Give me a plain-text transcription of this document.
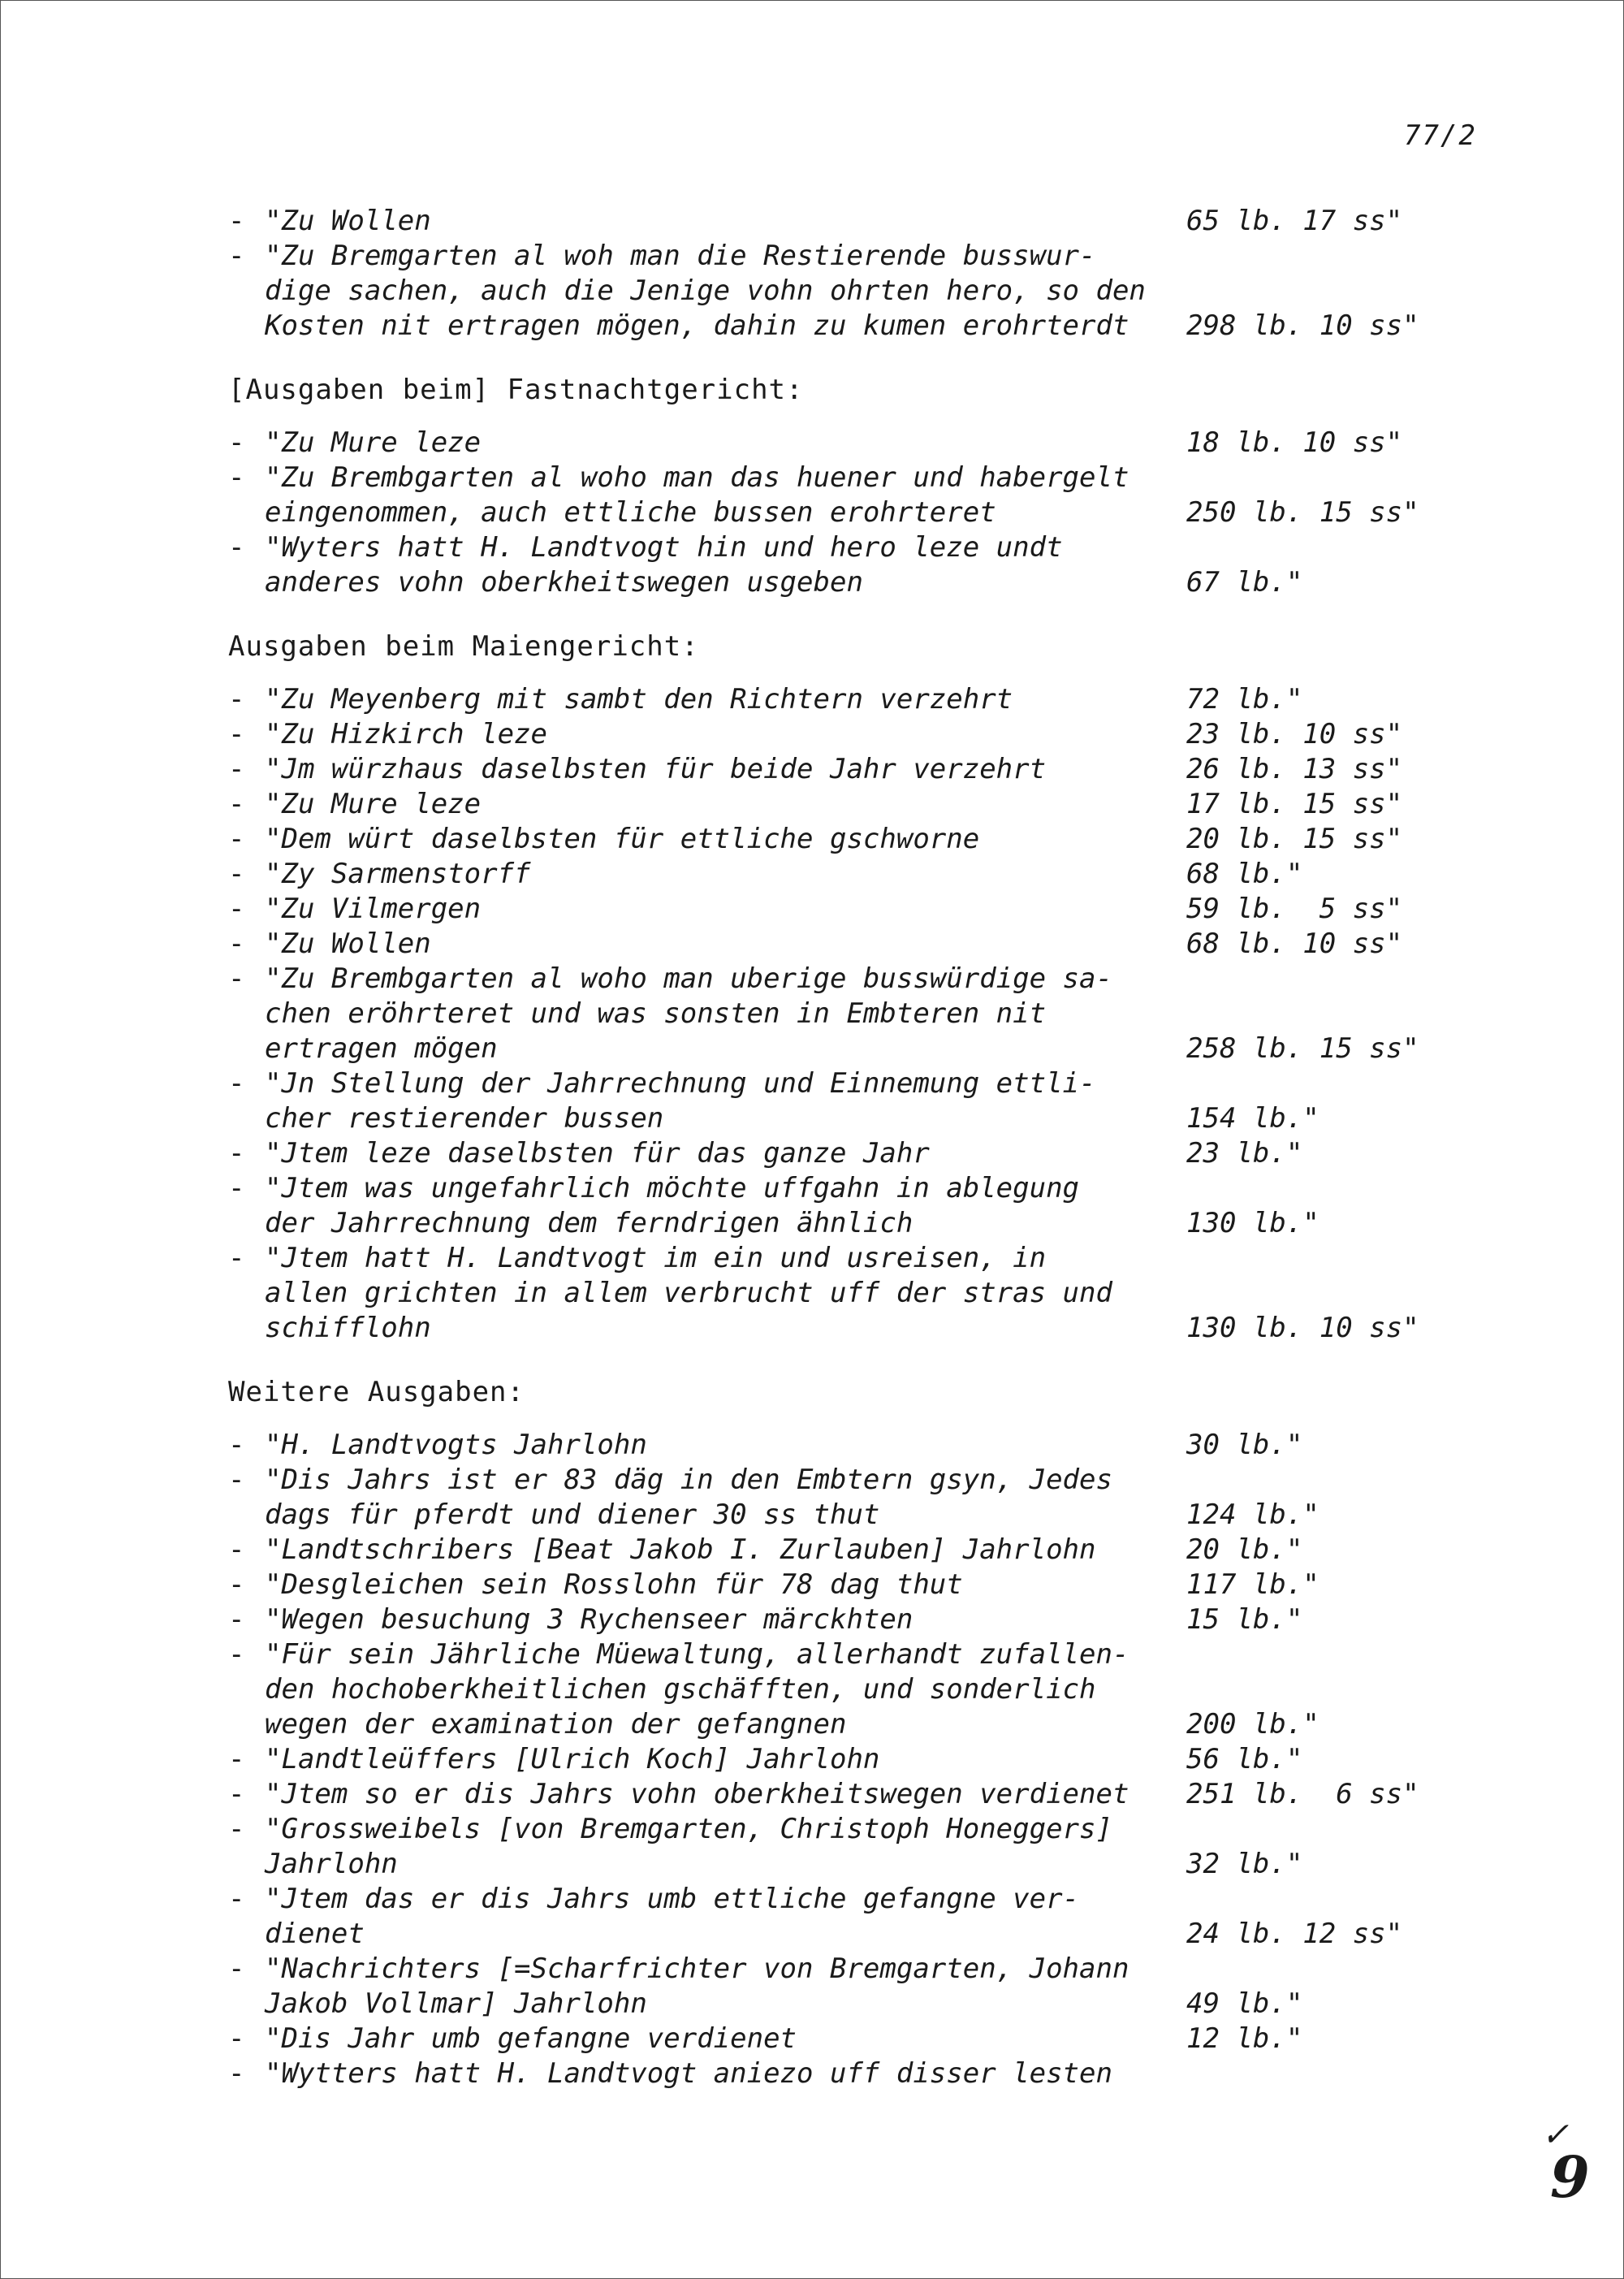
77/2
- "Zu Wollen	65 lb. 17 ss"
- "Zu Bremgarten al woh man die Restierende busswur-
dige sachen, auch die Jenige vohn ohrten hero, so den
Kosten nit ertragen mögen, dahin zu kumen erohrterdt 298 lb. 10 ss"
[Ausgaben beim] Fastnachtgericht:
- "Zu Mure leze	18 lb. 10 ss"
- "Zu Brembgarten al woho man das huener und habergelt
eingenommen, auch ettliche bussen erohrteret	250 lb. 15 ss"
- "Wyters hatt H. Landtvogt hin und hero leze undt
anderes vohn oberkheitswegen usgeben	67 lb."
Ausgaben beim Maiengericht:
- "Zu Meyenberg mit sambt den Richtern verzehrt	72 lb."
- "Zu Hizkirch leze	23 lb. 10 ss"
- "Jm würzhaus daselbsten für beide Jahr verzehrt	26 lb. 13 ss"
- "Zu Mure leze	17 lb. 15 ss"
- "Dem würt daselbsten für ettliche gschworne	20 lb. 15 ss"
- "Zy Sarmenstorff	68 lb."
- "Zu Vilmergen	59 lb.  5 ss"
- "Zu Wollen	68 lb. 10 ss"
- "Zu Brembgarten al woho man uberige busswürdige sa-
chen eröhrteret und was sonsten in Embteren nit
ertragen mögen	258 lb. 15 ss"
- "Jn Stellung der Jahrrechnung und Einnemung ettli-
cher restierender bussen	154 lb."
- "Jtem leze daselbsten für das ganze Jahr	23 lb."
- "Jtem was ungefahrlich möchte uffgahn in ablegung
der Jahrrechnung dem ferndrigen ähnlich	130 lb."
- "Jtem hatt H. Landtvogt im ein und usreisen, in
allen grichten in allem verbrucht uff der stras und
schifflohn	130 lb. 10 ss"
Weitere Ausgaben:
- "H. Landtvogts Jahrlohn	30 lb."
- "Dis Jahrs ist er 83 däg in den Embtern gsyn, Jedes
dags für pferdt und diener 30 ss thut	124 lb."
- "Landtschribers [Beat Jakob I. Zurlauben] Jahrlohn	20 lb."
- "Desgleichen sein Rosslohn für 78 dag thut	117 lb."
- "Wegen besuchung 3 Rychenseer märckhten	15 lb."
- "Für sein Jährliche Müewaltung, allerhandt zufallen-
den hochoberkheitlichen gschäfften, und sonderlich
wegen der examination der gefangnen	200 lb."
- "Landtleüffers [Ulrich Koch] Jahrlohn	56 lb."
- "Jtem so er dis Jahrs vohn oberkheitswegen verdienet 251 lb.  6 ss"
- "Grossweibels [von Bremgarten, Christoph Honeggers]
Jahrlohn	32 lb."
- "Jtem das er dis Jahrs umb ettliche gefangne ver-
dienet	24 lb. 12 ss"
- "Nachrichters [=Scharfrichter von Bremgarten, Johann
Jakob Vollmar] Jahrlohn	49 lb."
- "Dis Jahr umb gefangne verdienet	12 lb."
- "Wytters hatt H. Landtvogt aniezo uff disser lesten
✓
9
